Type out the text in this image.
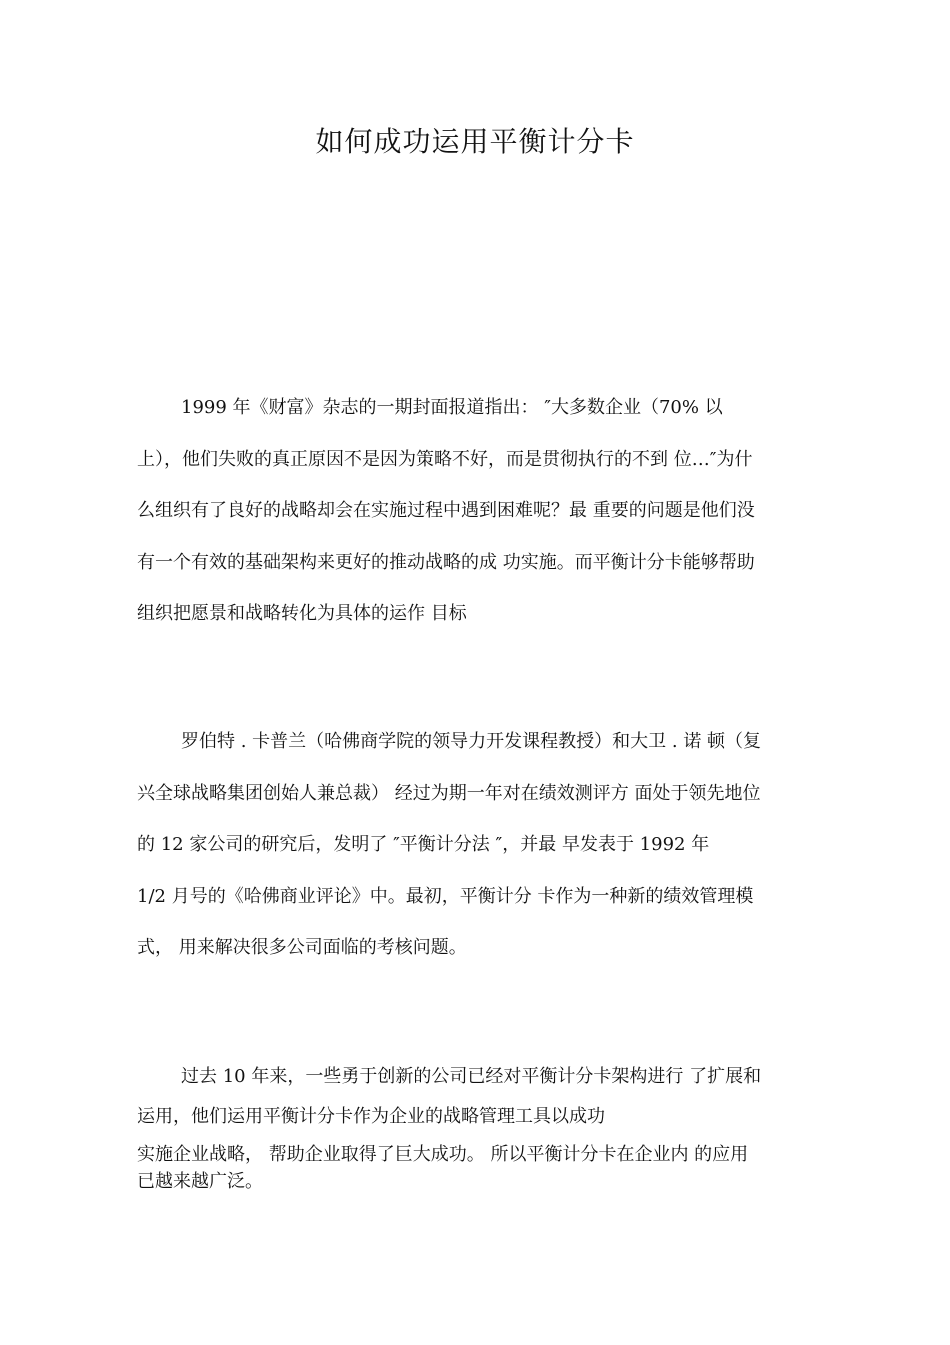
如何成功运用平衡计分卡
1999 年《财富》杂志的一期封面报道指出： ″大多数企业（70% 以
上），他们失败的真正原因不是因为策略不好，而是贯彻执行的不到 位…″为什
么组织有了良好的战略却会在实施过程中遇到困难呢？最 重要的问题是他们没
有一个有效的基础架构来更好的推动战略的成 功实施。而平衡计分卡能够帮助
组织把愿景和战略转化为具体的运作 目标
罗伯特 . 卡普兰（哈佛商学院的领导力开发课程教授）和大卫 . 诺 顿（复
兴全球战略集团创始人兼总裁） 经过为期一年对在绩效测评方 面处于领先地位
的 12 家公司的研究后，发明了 ″平衡计分法 ″，并最 早发表于 1992 年
1/2 月号的《哈佛商业评论》中。最初，平衡计分 卡作为一种新的绩效管理模
式， 用来解决很多公司面临的考核问题。
过去 10 年来，一些勇于创新的公司已经对平衡计分卡架构进行 了扩展和
运用，他们运用平衡计分卡作为企业的战略管理工具以成功
实施企业战略， 帮助企业取得了巨大成功。 所以平衡计分卡在企业内 的应用
已越来越广泛。
